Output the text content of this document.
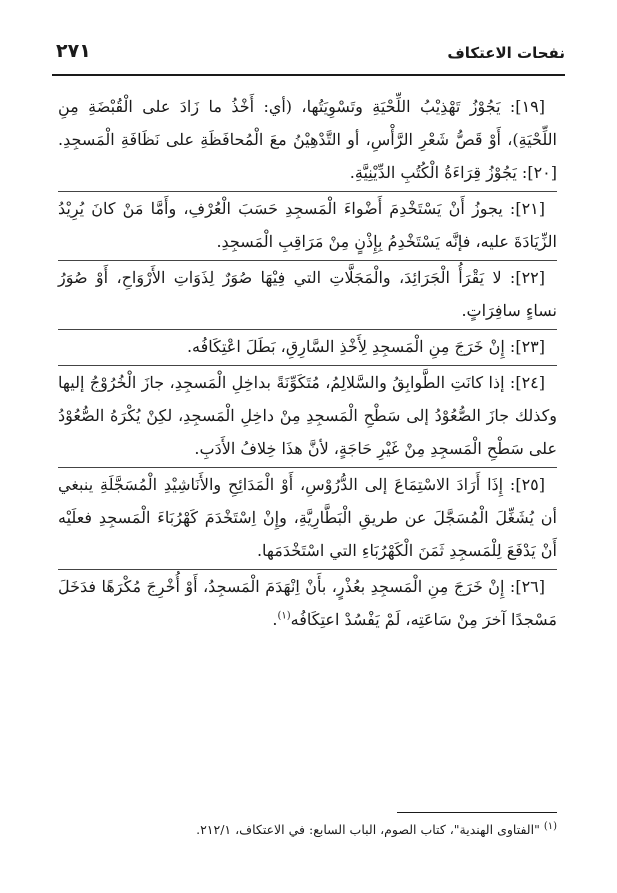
نفحات الاعتكاف
٢٧١

[١٩]: يَجُوْزُ تَهْذِيْبُ اللِّحْيَةِ وتَسْوِيَتُها، (أي: أَخْذُ ما زَادَ على الْقُبْضَةِ مِنِ اللِّحْيَةِ)، أَوْ قَصُّ شَعْرِ الرَّأْسِ، أو التَّدْهِيْنُ معَ الْمُحافَظَةِ على نَظَافَةِ الْمَسجِدِ. [٢٠]: يَجُوْزُ قِرَاءَةُ الْكُتُبِ الدِّيْنِيَّةِ.

[٢١]: يجوزُ أَنْ يَسْتَخْدِمَ أَضْواءَ الْمَسجِدِ حَسَبَ الْعُرْفِ، وأَمَّا مَنْ كانَ يُرِيْدُ الزِّيَادَةَ عليه، فإنَّه يَسْتَخْدِمُ بِإِذْنٍ مِنْ مَرَاقِبِ الْمَسجِدِ.

[٢٢]: لا يَقْرَأُ الْجَرَائِدَ، والْمَجَلَّاتِ التي فِيْهَا صُوَرٌ لِذَوَاتِ الأَرْوَاحِ، أَوْ صُوَرُ نساءٍ سافِرَاتٍ.

[٢٣]: إِنْ خَرَجَ مِنِ الْمَسجِدِ لِأَخْذِ السَّارِقِ، بَطَلَ اعْتِكَافُه.

[٢٤]: إذا كانَتِ الطَّوابِقُ والسَّلالِمُ، مُتَكَوِّنَةً بداخِلِ الْمَسجِدِ، جازَ الْخُرُوْجُ إليها وكذلك جازَ الصُّعُوْدُ إلى سَطْحِ الْمَسجِدِ مِنْ داخِلِ الْمَسجِدِ، لكِنْ يُكْرَهُ الصُّعُوْدُ على سَطْحِ الْمَسجِدِ مِنْ غَيْرِ حَاجَةٍ، لأنَّ هذَا خِلافُ الأَدَبِ.

[٢٥]: إِذَا أَرَادَ الاسْتِمَاعَ إلى الدُّرُوْسِ، أَوْ الْمَدَائِحِ والأَنَاشِيْدِ الْمُسَجَّلَةِ ينبغي أن يُشَغِّلَ الْمُسَجَّلَ عن طريقِ الْبَطَّارِيَّةِ، وإِنْ اِسْتَخْدَمَ كَهْرُبَاءَ الْمَسجِدِ فعلَيْه أَنْ يَدْفَعَ لِلْمَسجِدِ ثَمَنَ الْكَهْرُبَاءِ التي اسْتَخْدَمَها.

[٢٦]: إِنْ خَرَجَ مِنِ الْمَسجِدِ بعُذْرٍ، بأَنْ اِنْهَدَمَ الْمَسجِدُ، أَوْ أُخْرِجَ مُكْرَهًا فدَخَلَ مَسْجدًا آخرَ مِنْ سَاعَتِه، لَمْ يَفْسُدْ اعتِكَافُه$^{(١)}$.

$^{(١)}$ "الفتاوى الهندية"، كتاب الصوم، الباب السابع: في الاعتكاف، ٢١٢/١.
